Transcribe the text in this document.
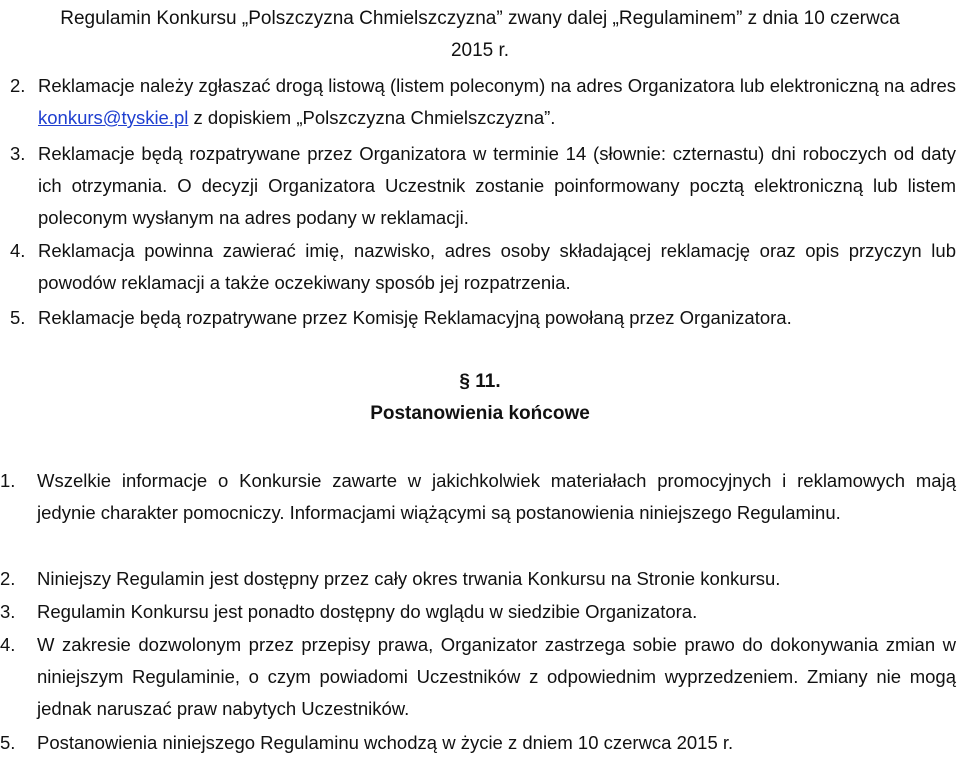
Regulamin Konkursu „Polszczyzna Chmielszczyzna” zwany dalej „Regulaminem” z dnia 10 czerwca
2015 r.
2. Reklamacje należy zgłaszać drogą listową (listem poleconym) na adres Organizatora lub elektroniczną na adres konkurs@tyskie.pl z dopiskiem „Polszczyzna Chmielszczyzna”.
3. Reklamacje będą rozpatrywane przez Organizatora w terminie 14 (słownie: czternastu) dni roboczych od daty ich otrzymania. O decyzji Organizatora Uczestnik zostanie poinformowany pocztą elektroniczną lub listem poleconym wysłanym na adres podany w reklamacji.
4. Reklamacja powinna zawierać imię, nazwisko, adres osoby składającej reklamację oraz opis przyczyn lub powodów reklamacji a także oczekiwany sposób jej rozpatrzenia.
5. Reklamacje będą rozpatrywane przez Komisję Reklamacyjną powołaną przez Organizatora.
§ 11.
Postanowienia końcowe
1. Wszelkie informacje o Konkursie zawarte w jakichkolwiek materiałach promocyjnych i reklamowych mają jedynie charakter pomocniczy. Informacjami wiążącymi są postanowienia niniejszego Regulaminu.
2. Niniejszy Regulamin jest dostępny przez cały okres trwania Konkursu na Stronie konkursu.
3. Regulamin Konkursu jest ponadto dostępny do wglądu w siedzibie Organizatora.
4. W zakresie dozwolonym przez przepisy prawa, Organizator zastrzega sobie prawo do dokonywania zmian w niniejszym Regulaminie, o czym powiadomi Uczestników z odpowiednim wyprzedzeniem. Zmiany nie mogą jednak naruszać praw nabytych Uczestników.
5. Postanowienia niniejszego Regulaminu wchodzą w życie z dniem 10 czerwca 2015 r.
